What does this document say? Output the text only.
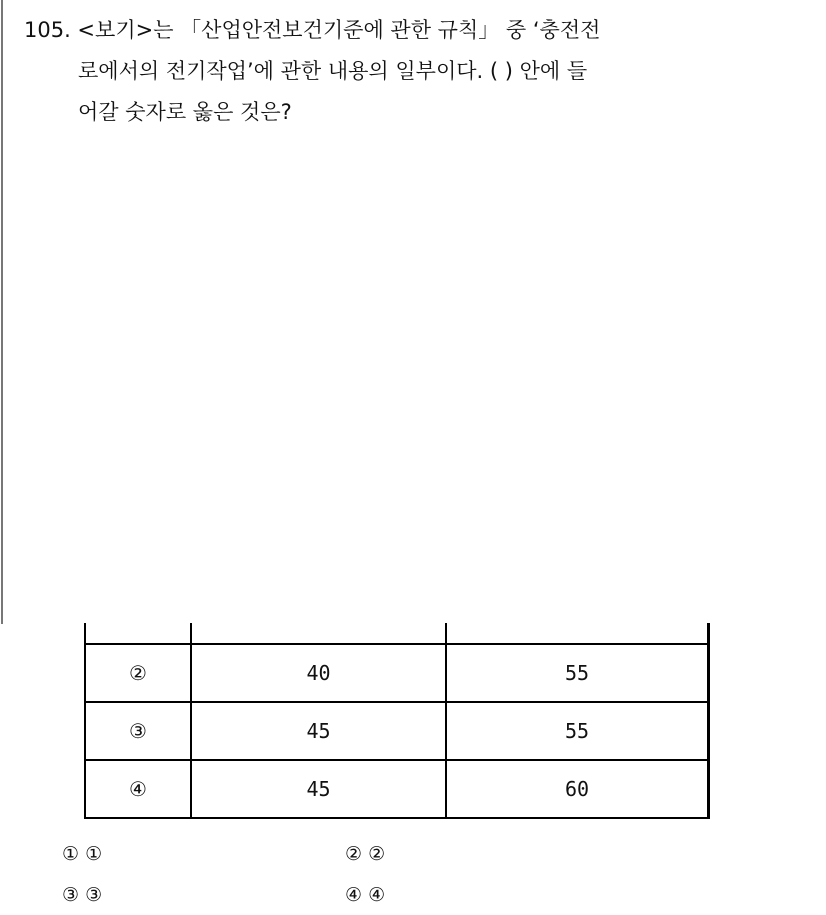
105. <보기>는 「산업안전보건기준에 관한 규칙」 중 ‘충전전
로에서의 전기작업’에 관한 내용의 일부이다. ( ) 안에 들
어갈 숫자로 옳은 것은?

②	40	55
③	45	55
④	45	60
① ①	② ②
③ ③	④ ④
